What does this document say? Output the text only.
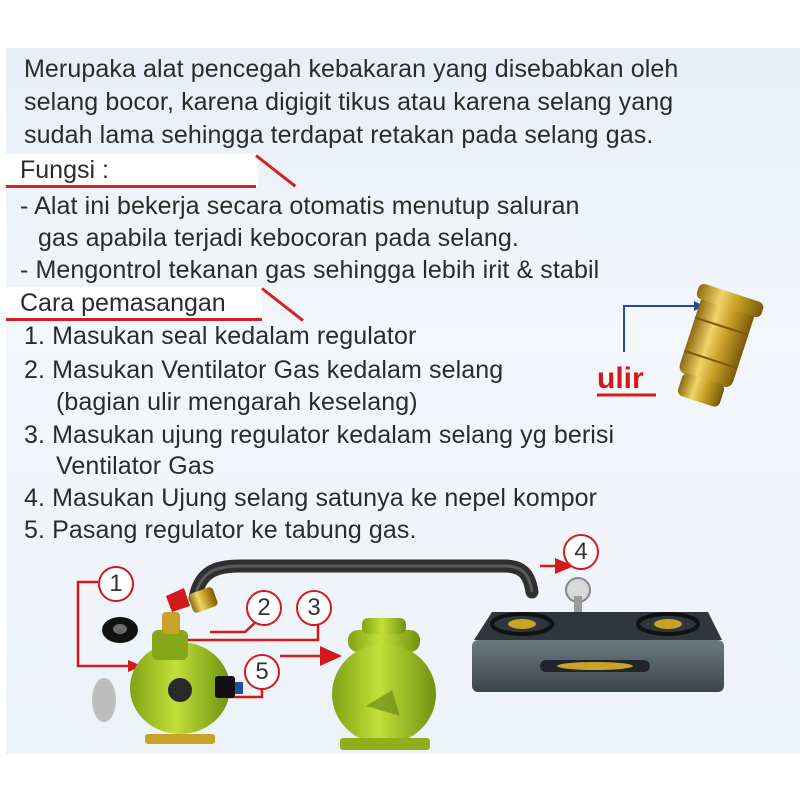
Merupaka alat pencegah kebakaran yang disebabkan oleh
selang bocor, karena digigit tikus atau karena selang yang
sudah lama sehingga terdapat retakan pada selang gas.
Fungsi :
- Alat ini bekerja secara otomatis menutup saluran
gas apabila terjadi kebocoran pada selang.
- Mengontrol tekanan gas sehingga lebih irit & stabil
Cara pemasangan
1. Masukan seal kedalam regulator
2. Masukan Ventilator Gas kedalam selang
(bagian ulir mengarah keselang)
3. Masukan ujung regulator kedalam selang yg berisi
Ventilator Gas
4. Masukan Ujung selang satunya ke nepel kompor
5. Pasang regulator ke tabung gas.
ulir
1
2	3
4
5
